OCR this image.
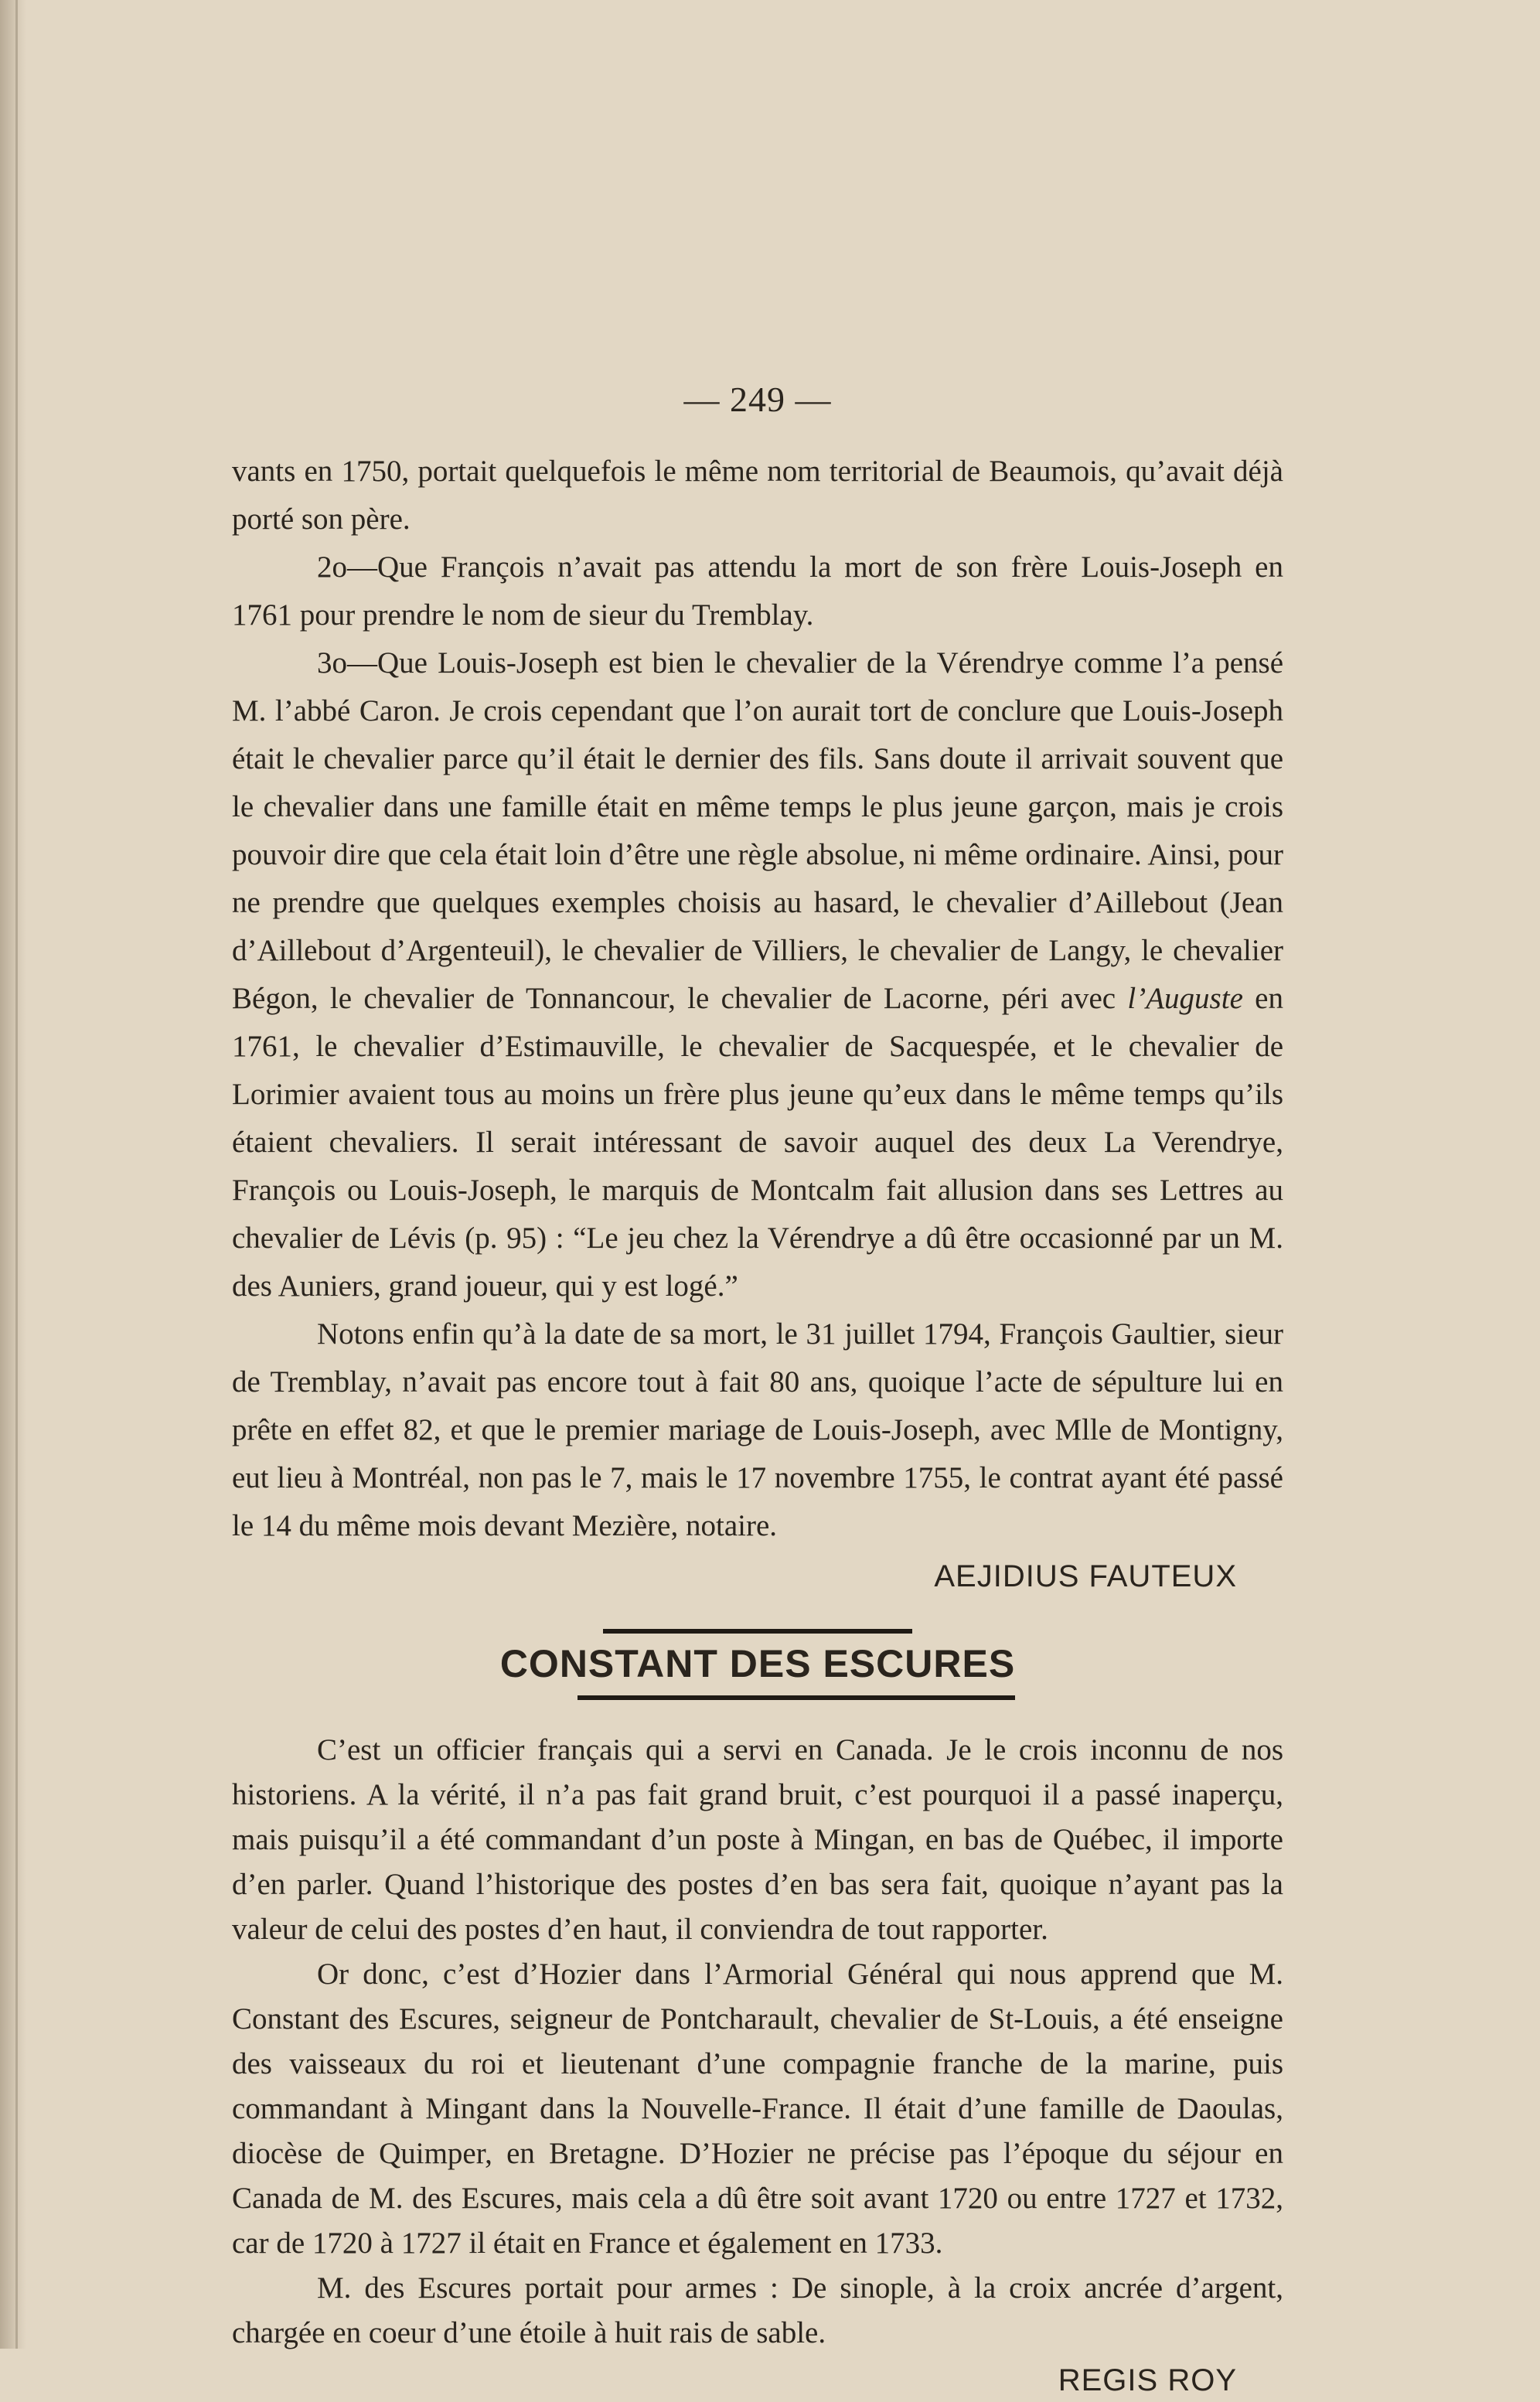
— 249 —

vants en 1750, portait quelquefois le même nom territorial de Beaumois, qu’avait déjà porté son père.

2o—Que François n’avait pas attendu la mort de son frère Louis-Joseph en 1761 pour prendre le nom de sieur du Tremblay.

3o—Que Louis-Joseph est bien le chevalier de la Vérendrye comme l’a pensé M. l’abbé Caron. Je crois cependant que l’on aurait tort de conclure que Louis-Joseph était le chevalier parce qu’il était le dernier des fils. Sans doute il arrivait souvent que le chevalier dans une famille était en même temps le plus jeune garçon, mais je crois pouvoir dire que cela était loin d’être une règle absolue, ni même ordinaire. Ainsi, pour ne prendre que quelques exemples choisis au hasard, le chevalier d’Aillebout (Jean d’Aillebout d’Argenteuil), le chevalier de Villiers, le chevalier de Langy, le chevalier Bégon, le chevalier de Tonnancour, le chevalier de Lacorne, péri avec l’Auguste en 1761, le chevalier d’Estimauville, le chevalier de Sacquespée, et le chevalier de Lorimier avaient tous au moins un frère plus jeune qu’eux dans le même temps qu’ils étaient chevaliers. Il serait intéressant de savoir auquel des deux La Verendrye, François ou Louis-Joseph, le marquis de Montcalm fait allusion dans ses Lettres au chevalier de Lévis (p. 95) : “Le jeu chez la Vérendrye a dû être occasionné par un M. des Auniers, grand joueur, qui y est logé.”

Notons enfin qu’à la date de sa mort, le 31 juillet 1794, François Gaultier, sieur de Tremblay, n’avait pas encore tout à fait 80 ans, quoique l’acte de sépulture lui en prête en effet 82, et que le premier mariage de Louis-Joseph, avec Mlle de Montigny, eut lieu à Montréal, non pas le 7, mais le 17 novembre 1755, le contrat ayant été passé le 14 du même mois devant Mezière, notaire.

AEJIDIUS FAUTEUX
CONSTANT DES ESCURES

C’est un officier français qui a servi en Canada. Je le crois inconnu de nos historiens. A la vérité, il n’a pas fait grand bruit, c’est pourquoi il a passé inaperçu, mais puisqu’il a été commandant d’un poste à Mingan, en bas de Québec, il importe d’en parler. Quand l’historique des postes d’en bas sera fait, quoique n’ayant pas la valeur de celui des postes d’en haut, il conviendra de tout rapporter.

Or donc, c’est d’Hozier dans l’Armorial Général qui nous apprend que M. Constant des Escures, seigneur de Pontcharault, chevalier de St-Louis, a été enseigne des vaisseaux du roi et lieutenant d’une compagnie franche de la marine, puis commandant à Mingant dans la Nouvelle-France. Il était d’une famille de Daoulas, diocèse de Quimper, en Bretagne. D’Hozier ne précise pas l’époque du séjour en Canada de M. des Escures, mais cela a dû être soit avant 1720 ou entre 1727 et 1732, car de 1720 à 1727 il était en France et également en 1733.

M. des Escures portait pour armes : De sinople, à la croix ancrée d’argent, chargée en coeur d’une étoile à huit rais de sable.

REGIS ROY
